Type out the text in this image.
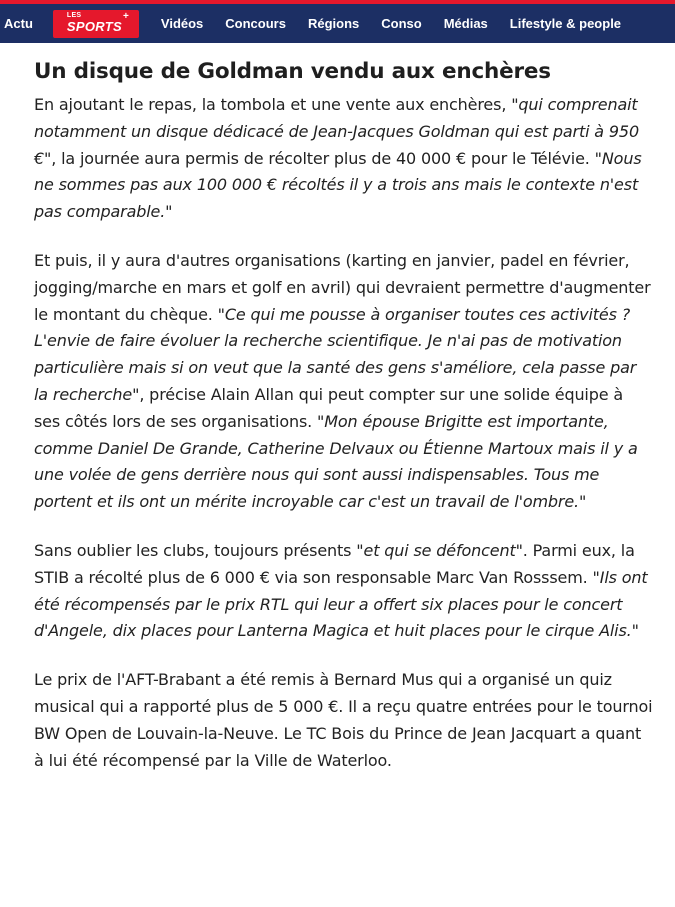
Actu
LES
SPORTS
+ Vidéos Concours Régions Conso Médias Lifestyle & people
Un disque de Goldman vendu aux enchères

En ajoutant le repas, la tombola et une vente aux enchères, "qui comprenait notamment un disque dédicacé de Jean-Jacques Goldman qui est parti à 950 €", la journée aura permis de récolter plus de 40 000 € pour le Télévie. "Nous ne sommes pas aux 100 000 € récoltés il y a trois ans mais le contexte n'est pas comparable."

Et puis, il y aura d'autres organisations (karting en janvier, padel en février, jogging/marche en mars et golf en avril) qui devraient permettre d'augmenter le montant du chèque. "Ce qui me pousse à organiser toutes ces activités ? L'envie de faire évoluer la recherche scientifique. Je n'ai pas de motivation particulière mais si on veut que la santé des gens s'améliore, cela passe par la recherche", précise Alain Allan qui peut compter sur une solide équipe à ses côtés lors de ses organisations. "Mon épouse Brigitte est importante, comme Daniel De Grande, Catherine Delvaux ou Étienne Martoux mais il y a une volée de gens derrière nous qui sont aussi indispensables. Tous me portent et ils ont un mérite incroyable car c'est un travail de l'ombre."

Sans oublier les clubs, toujours présents "et qui se défoncent". Parmi eux, la STIB a récolté plus de 6 000 € via son responsable Marc Van Rosssem. "Ils ont été récompensés par le prix RTL qui leur a offert six places pour le concert d'Angele, dix places pour Lanterna Magica et huit places pour le cirque Alis."

Le prix de l'AFT-Brabant a été remis à Bernard Mus qui a organisé un quiz musical qui a rapporté plus de 5 000 €. Il a reçu quatre entrées pour le tournoi BW Open de Louvain-la-Neuve. Le TC Bois du Prince de Jean Jacquart a quant à lui été récompensé par la Ville de Waterloo.
